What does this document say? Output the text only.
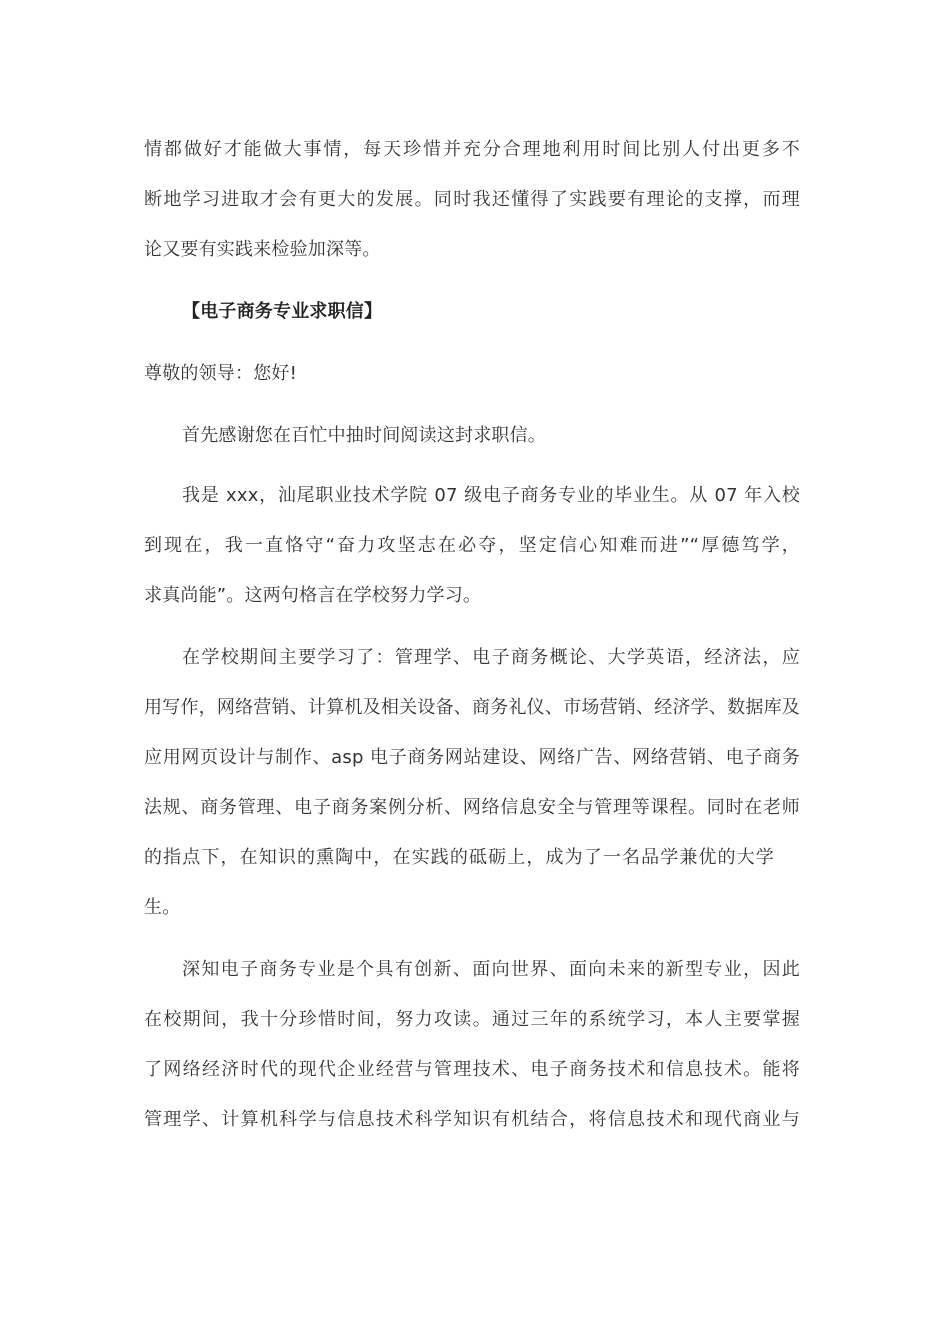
情都做好才能做大事情，每天珍惜并充分合理地利用时间比别人付出更多不

断地学习进取才会有更大的发展。同时我还懂得了实践要有理论的支撑，而理

论又要有实践来检验加深等。

【电子商务专业求职信】

尊敬的领导：您好!

首先感谢您在百忙中抽时间阅读这封求职信。

我是 xxx，汕尾职业技术学院 07 级电子商务专业的毕业生。从 07 年入校

到现在，我一直恪守“奋力攻坚志在必夺，坚定信心知难而进”“厚德笃学，

求真尚能”。这两句格言在学校努力学习。

在学校期间主要学习了：管理学、电子商务概论、大学英语，经济法，应

用写作，网络营销、计算机及相关设备、商务礼仪、市场营销、经济学、数据库及

应用网页设计与制作、asp 电子商务网站建设、网络广告、网络营销、电子商务

法规、商务管理、电子商务案例分析、网络信息安全与管理等课程。同时在老师

的指点下，在知识的熏陶中，在实践的砥砺上，成为了一名品学兼优的大学

生。

深知电子商务专业是个具有创新、面向世界、面向未来的新型专业，因此

在校期间，我十分珍惜时间，努力攻读。通过三年的系统学习，本人主要掌握

了网络经济时代的现代企业经营与管理技术、电子商务技术和信息技术。能将

管理学、计算机科学与信息技术科学知识有机结合，将信息技术和现代商业与
